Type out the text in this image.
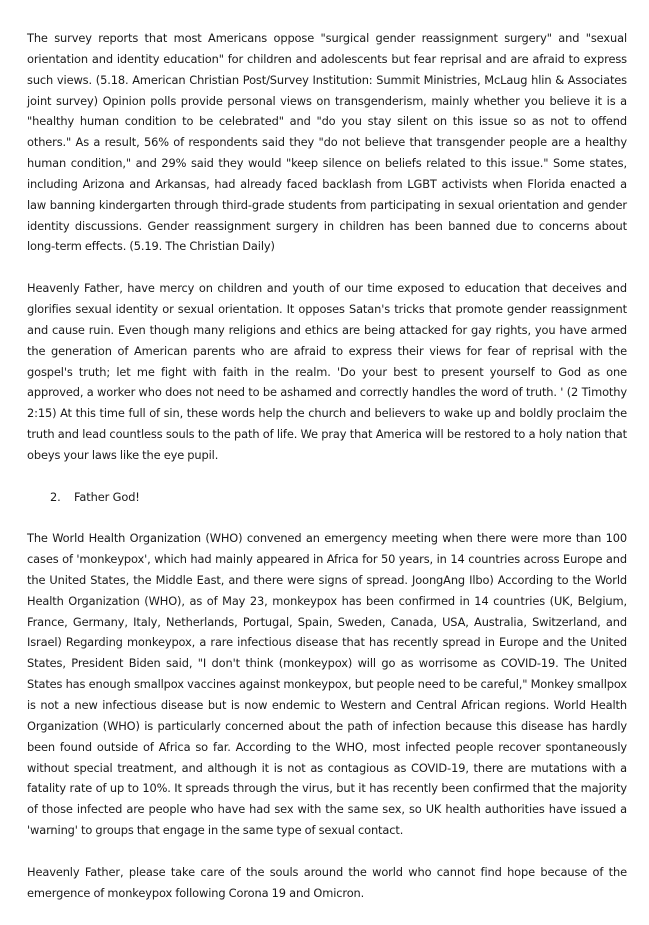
The survey reports that most Americans oppose "surgical gender reassignment surgery" and "sexual orientation and identity education" for children and adolescents but fear reprisal and are afraid to express such views. (5.18. American Christian Post/Survey Institution: Summit Ministries, McLaug hlin & Associates joint survey) Opinion polls provide personal views on transgenderism, mainly whether you believe it is a "healthy human condition to be celebrated" and "do you stay silent on this issue so as not to offend others." As a result, 56% of respondents said they "do not believe that transgender people are a healthy human condition," and 29% said they would "keep silence on beliefs related to this issue." Some states, including Arizona and Arkansas, had already faced backlash from LGBT activists when Florida enacted a law banning kindergarten through third-grade students from participating in sexual orientation and gender identity discussions. Gender reassignment surgery in children has been banned due to concerns about long-term effects. (5.19. The Christian Daily)

Heavenly Father, have mercy on children and youth of our time exposed to education that deceives and glorifies sexual identity or sexual orientation. It opposes Satan's tricks that promote gender reassignment and cause ruin. Even though many religions and ethics are being attacked for gay rights, you have armed the generation of American parents who are afraid to express their views for fear of reprisal with the gospel's truth; let me fight with faith in the realm. 'Do your best to present yourself to God as one approved, a worker who does not need to be ashamed and correctly handles the word of truth. ' (2 Timothy 2:15) At this time full of sin, these words help the church and believers to wake up and boldly proclaim the truth and lead countless souls to the path of life. We pray that America will be restored to a holy nation that obeys your laws like the eye pupil.

2. Father God!

The World Health Organization (WHO) convened an emergency meeting when there were more than 100 cases of 'monkeypox', which had mainly appeared in Africa for 50 years, in 14 countries across Europe and the United States, the Middle East, and there were signs of spread. JoongAng Ilbo) According to the World Health Organization (WHO), as of May 23, monkeypox has been confirmed in 14 countries (UK, Belgium, France, Germany, Italy, Netherlands, Portugal, Spain, Sweden, Canada, USA, Australia, Switzerland, and Israel) Regarding monkeypox, a rare infectious disease that has recently spread in Europe and the United States, President Biden said, "I don't think (monkeypox) will go as worrisome as COVID-19. The United States has enough smallpox vaccines against monkeypox, but people need to be careful," Monkey smallpox is not a new infectious disease but is now endemic to Western and Central African regions. World Health Organization (WHO) is particularly concerned about the path of infection because this disease has hardly been found outside of Africa so far. According to the WHO, most infected people recover spontaneously without special treatment, and although it is not as contagious as COVID-19, there are mutations with a fatality rate of up to 10%. It spreads through the virus, but it has recently been confirmed that the majority of those infected are people who have had sex with the same sex, so UK health authorities have issued a 'warning' to groups that engage in the same type of sexual contact.

Heavenly Father, please take care of the souls around the world who cannot find hope because of the emergence of monkeypox following Corona 19 and Omicron.
